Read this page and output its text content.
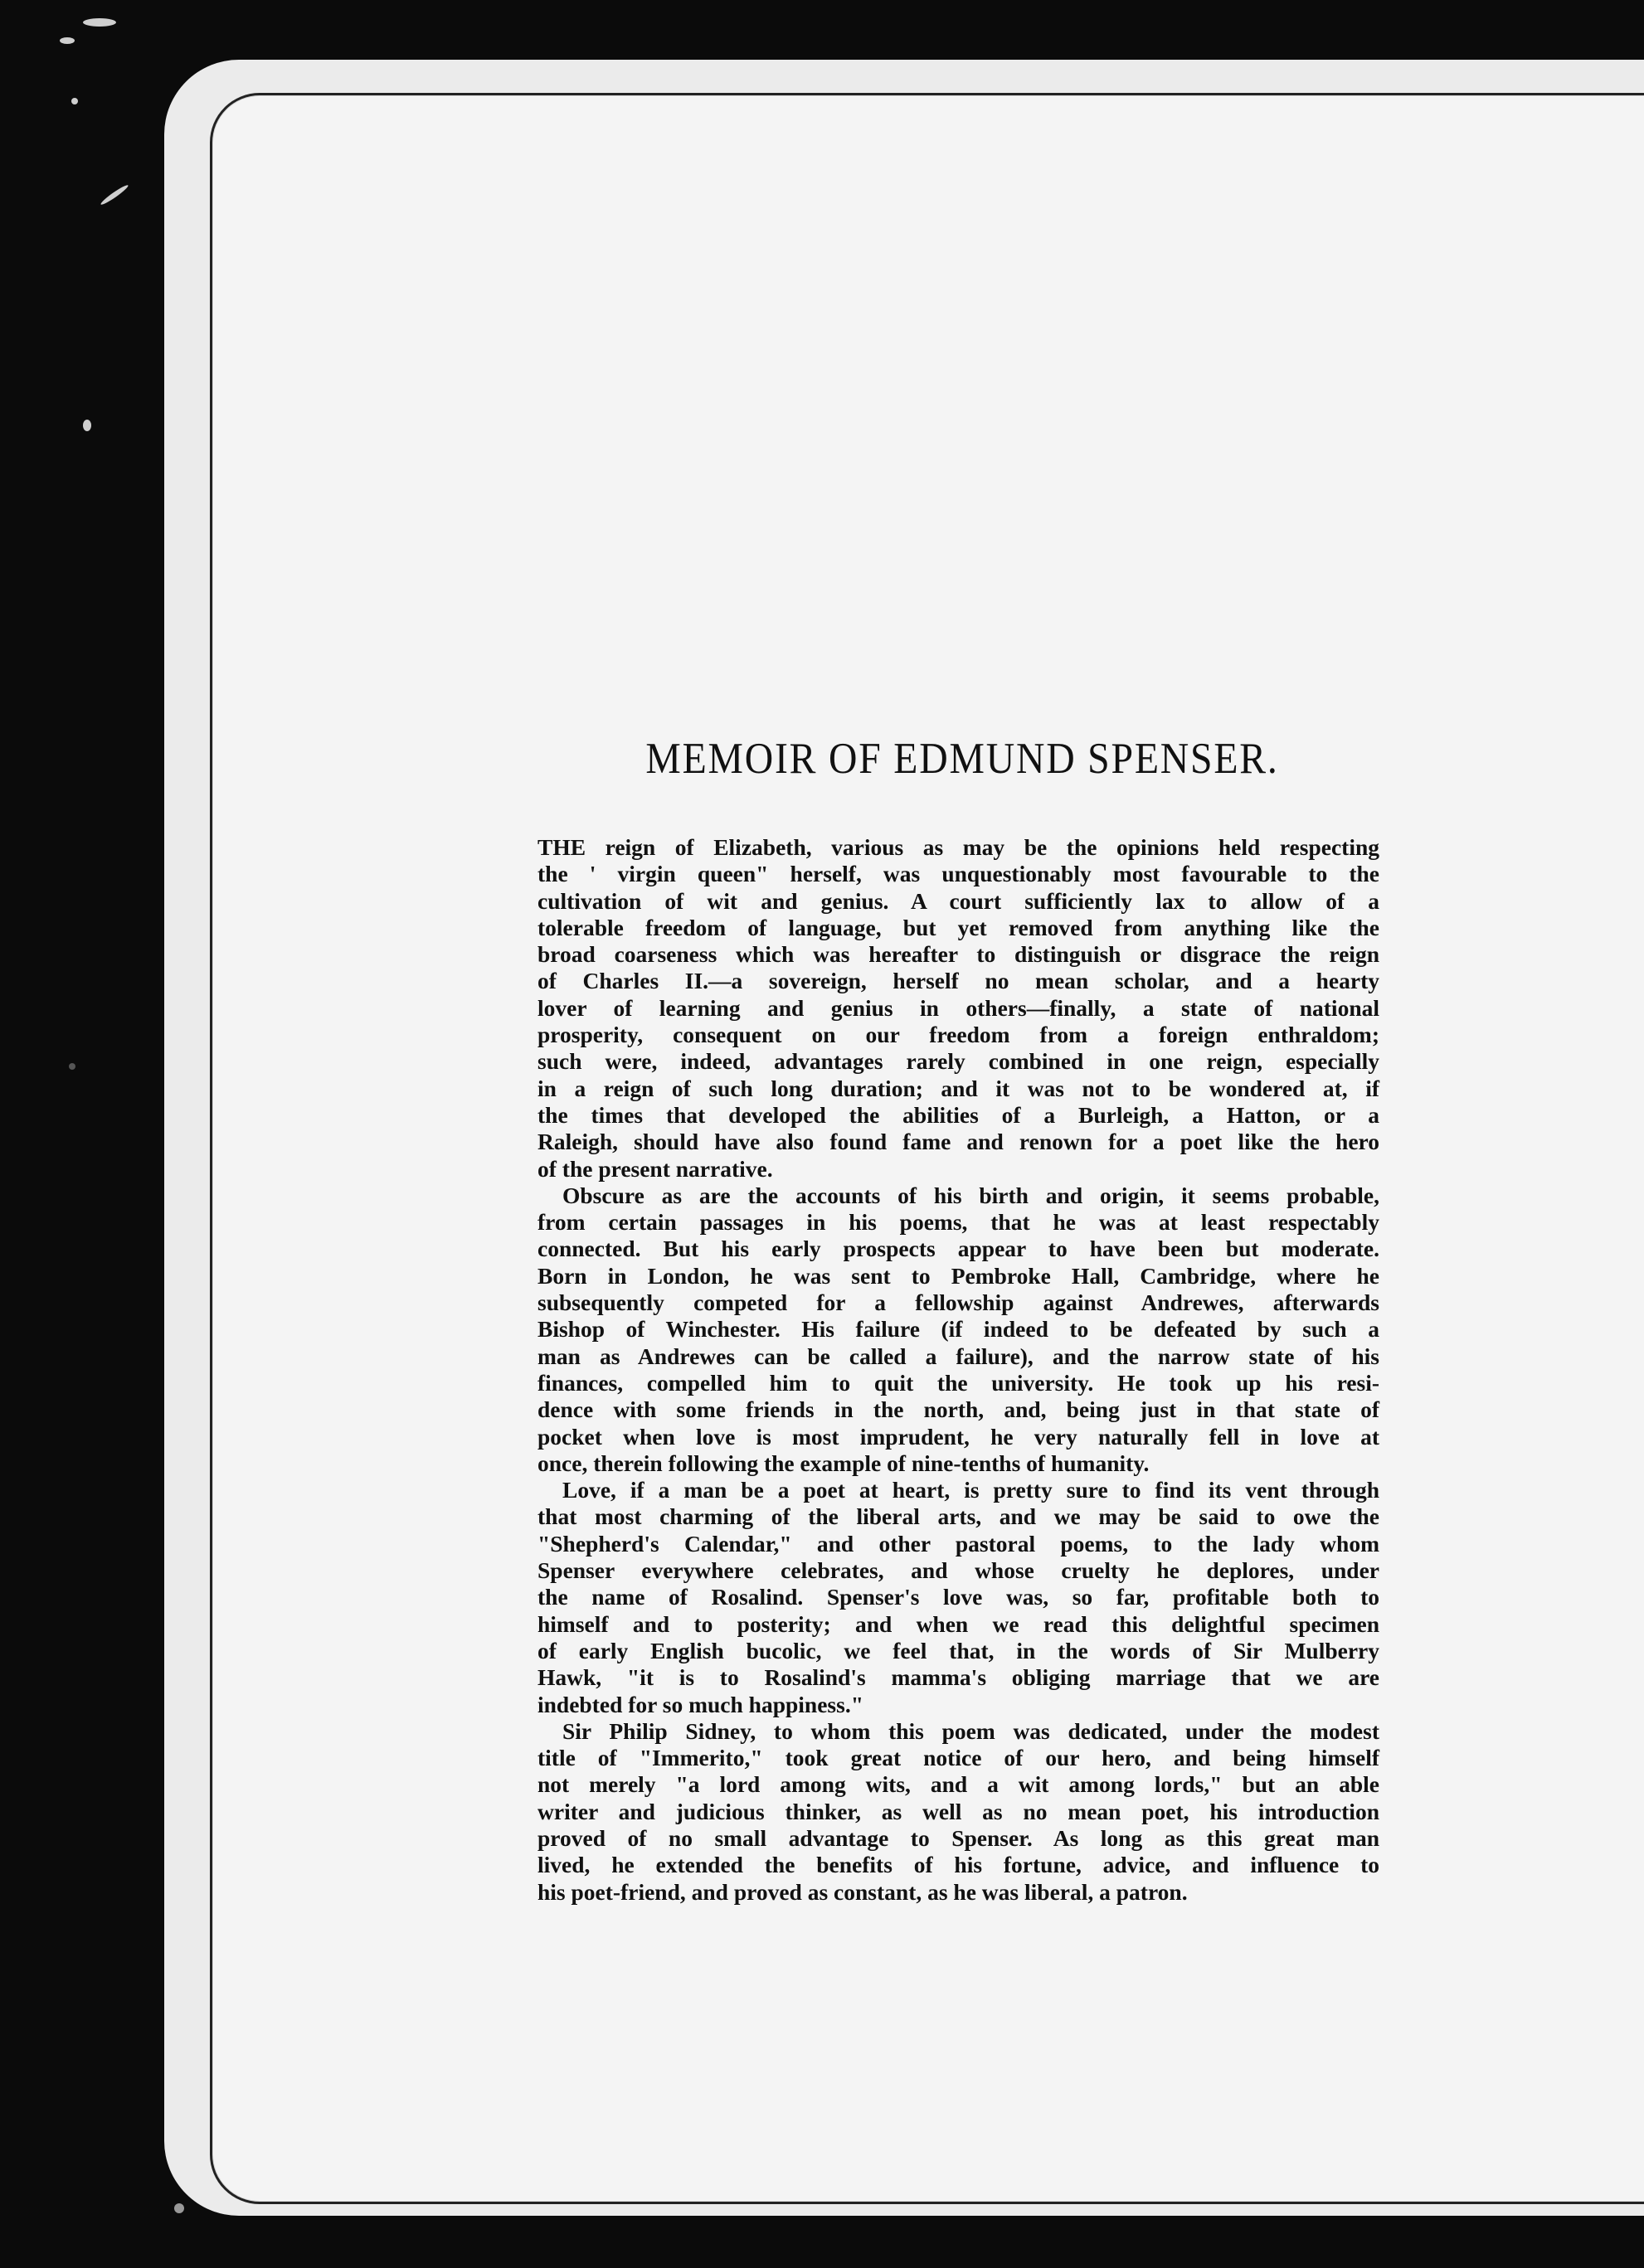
MEMOIR OF EDMUND SPENSER.

THE reign of Elizabeth, various as may be the opinions held respecting
the ' virgin queen" herself, was unquestionably most favourable to the
cultivation of wit and genius. A court sufficiently lax to allow of a
tolerable freedom of language, but yet removed from anything like the
broad coarseness which was hereafter to distinguish or disgrace the reign
of Charles II.—a sovereign, herself no mean scholar, and a hearty
lover of learning and genius in others—finally, a state of national
prosperity, consequent on our freedom from a foreign enthraldom;
such were, indeed, advantages rarely combined in one reign, especially
in a reign of such long duration; and it was not to be wondered at, if
the times that developed the abilities of a Burleigh, a Hatton, or a
Raleigh, should have also found fame and renown for a poet like the hero
of the present narrative.

Obscure as are the accounts of his birth and origin, it seems probable,
from certain passages in his poems, that he was at least respectably
connected. But his early prospects appear to have been but moderate.
Born in London, he was sent to Pembroke Hall, Cambridge, where he
subsequently competed for a fellowship against Andrewes, afterwards
Bishop of Winchester. His failure (if indeed to be defeated by such a
man as Andrewes can be called a failure), and the narrow state of his
finances, compelled him to quit the university. He took up his resi-
dence with some friends in the north, and, being just in that state of
pocket when love is most imprudent, he very naturally fell in love at
once, therein following the example of nine-tenths of humanity.

Love, if a man be a poet at heart, is pretty sure to find its vent through
that most charming of the liberal arts, and we may be said to owe the
"Shepherd's Calendar," and other pastoral poems, to the lady whom
Spenser everywhere celebrates, and whose cruelty he deplores, under
the name of Rosalind. Spenser's love was, so far, profitable both to
himself and to posterity; and when we read this delightful specimen
of early English bucolic, we feel that, in the words of Sir Mulberry
Hawk, "it is to Rosalind's mamma's obliging marriage that we are
indebted for so much happiness."

Sir Philip Sidney, to whom this poem was dedicated, under the modest
title of "Immerito," took great notice of our hero, and being himself
not merely "a lord among wits, and a wit among lords," but an able
writer and judicious thinker, as well as no mean poet, his introduction
proved of no small advantage to Spenser. As long as this great man
lived, he extended the benefits of his fortune, advice, and influence to
his poet-friend, and proved as constant, as he was liberal, a patron.
